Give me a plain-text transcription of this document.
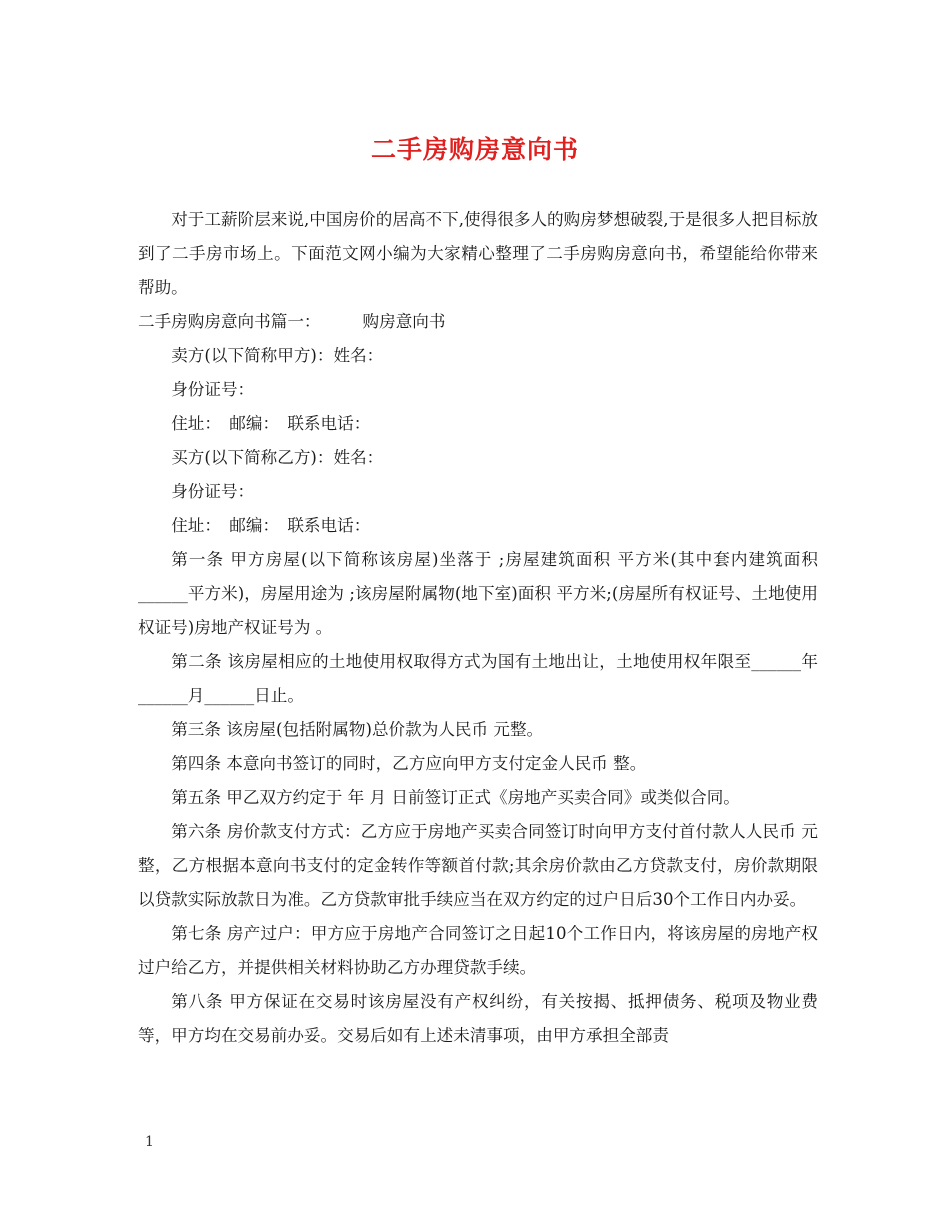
二手房购房意向书

对于工薪阶层来说,中国房价的居高不下,使得很多人的购房梦想破裂,于是很多人把目标放到了二手房市场上。下面范文网小编为大家精心整理了二手房购房意向书，希望能给你带来帮助。

二手房购房意向书篇一：	购房意向书

卖方(以下简称甲方)：姓名：

身份证号：

住址：　邮编：　联系电话：

买方(以下简称乙方)：姓名：

身份证号：

住址：　邮编：　联系电话：

第一条 甲方房屋(以下简称该房屋)坐落于 ;房屋建筑面积 平方米(其中套内建筑面积______平方米)，房屋用途为 ;该房屋附属物(地下室)面积 平方米;(房屋所有权证号、土地使用权证号)房地产权证号为 。

第二条 该房屋相应的土地使用权取得方式为国有土地出让，土地使用权年限至______年______月______日止。

第三条 该房屋(包括附属物)总价款为人民币 元整。

第四条 本意向书签订的同时，乙方应向甲方支付定金人民币 整。

第五条 甲乙双方约定于 年 月 日前签订正式《房地产买卖合同》或类似合同。

第六条 房价款支付方式：乙方应于房地产买卖合同签订时向甲方支付首付款人人民币 元整，乙方根据本意向书支付的定金转作等额首付款;其余房价款由乙方贷款支付，房价款期限以贷款实际放款日为准。乙方贷款审批手续应当在双方约定的过户日后30个工作日内办妥。

第七条 房产过户：甲方应于房地产合同签订之日起10个工作日内，将该房屋的房地产权过户给乙方，并提供相关材料协助乙方办理贷款手续。

第八条 甲方保证在交易时该房屋没有产权纠纷，有关按揭、抵押债务、税项及物业费等，甲方均在交易前办妥。交易后如有上述未清事项，由甲方承担全部责

1
